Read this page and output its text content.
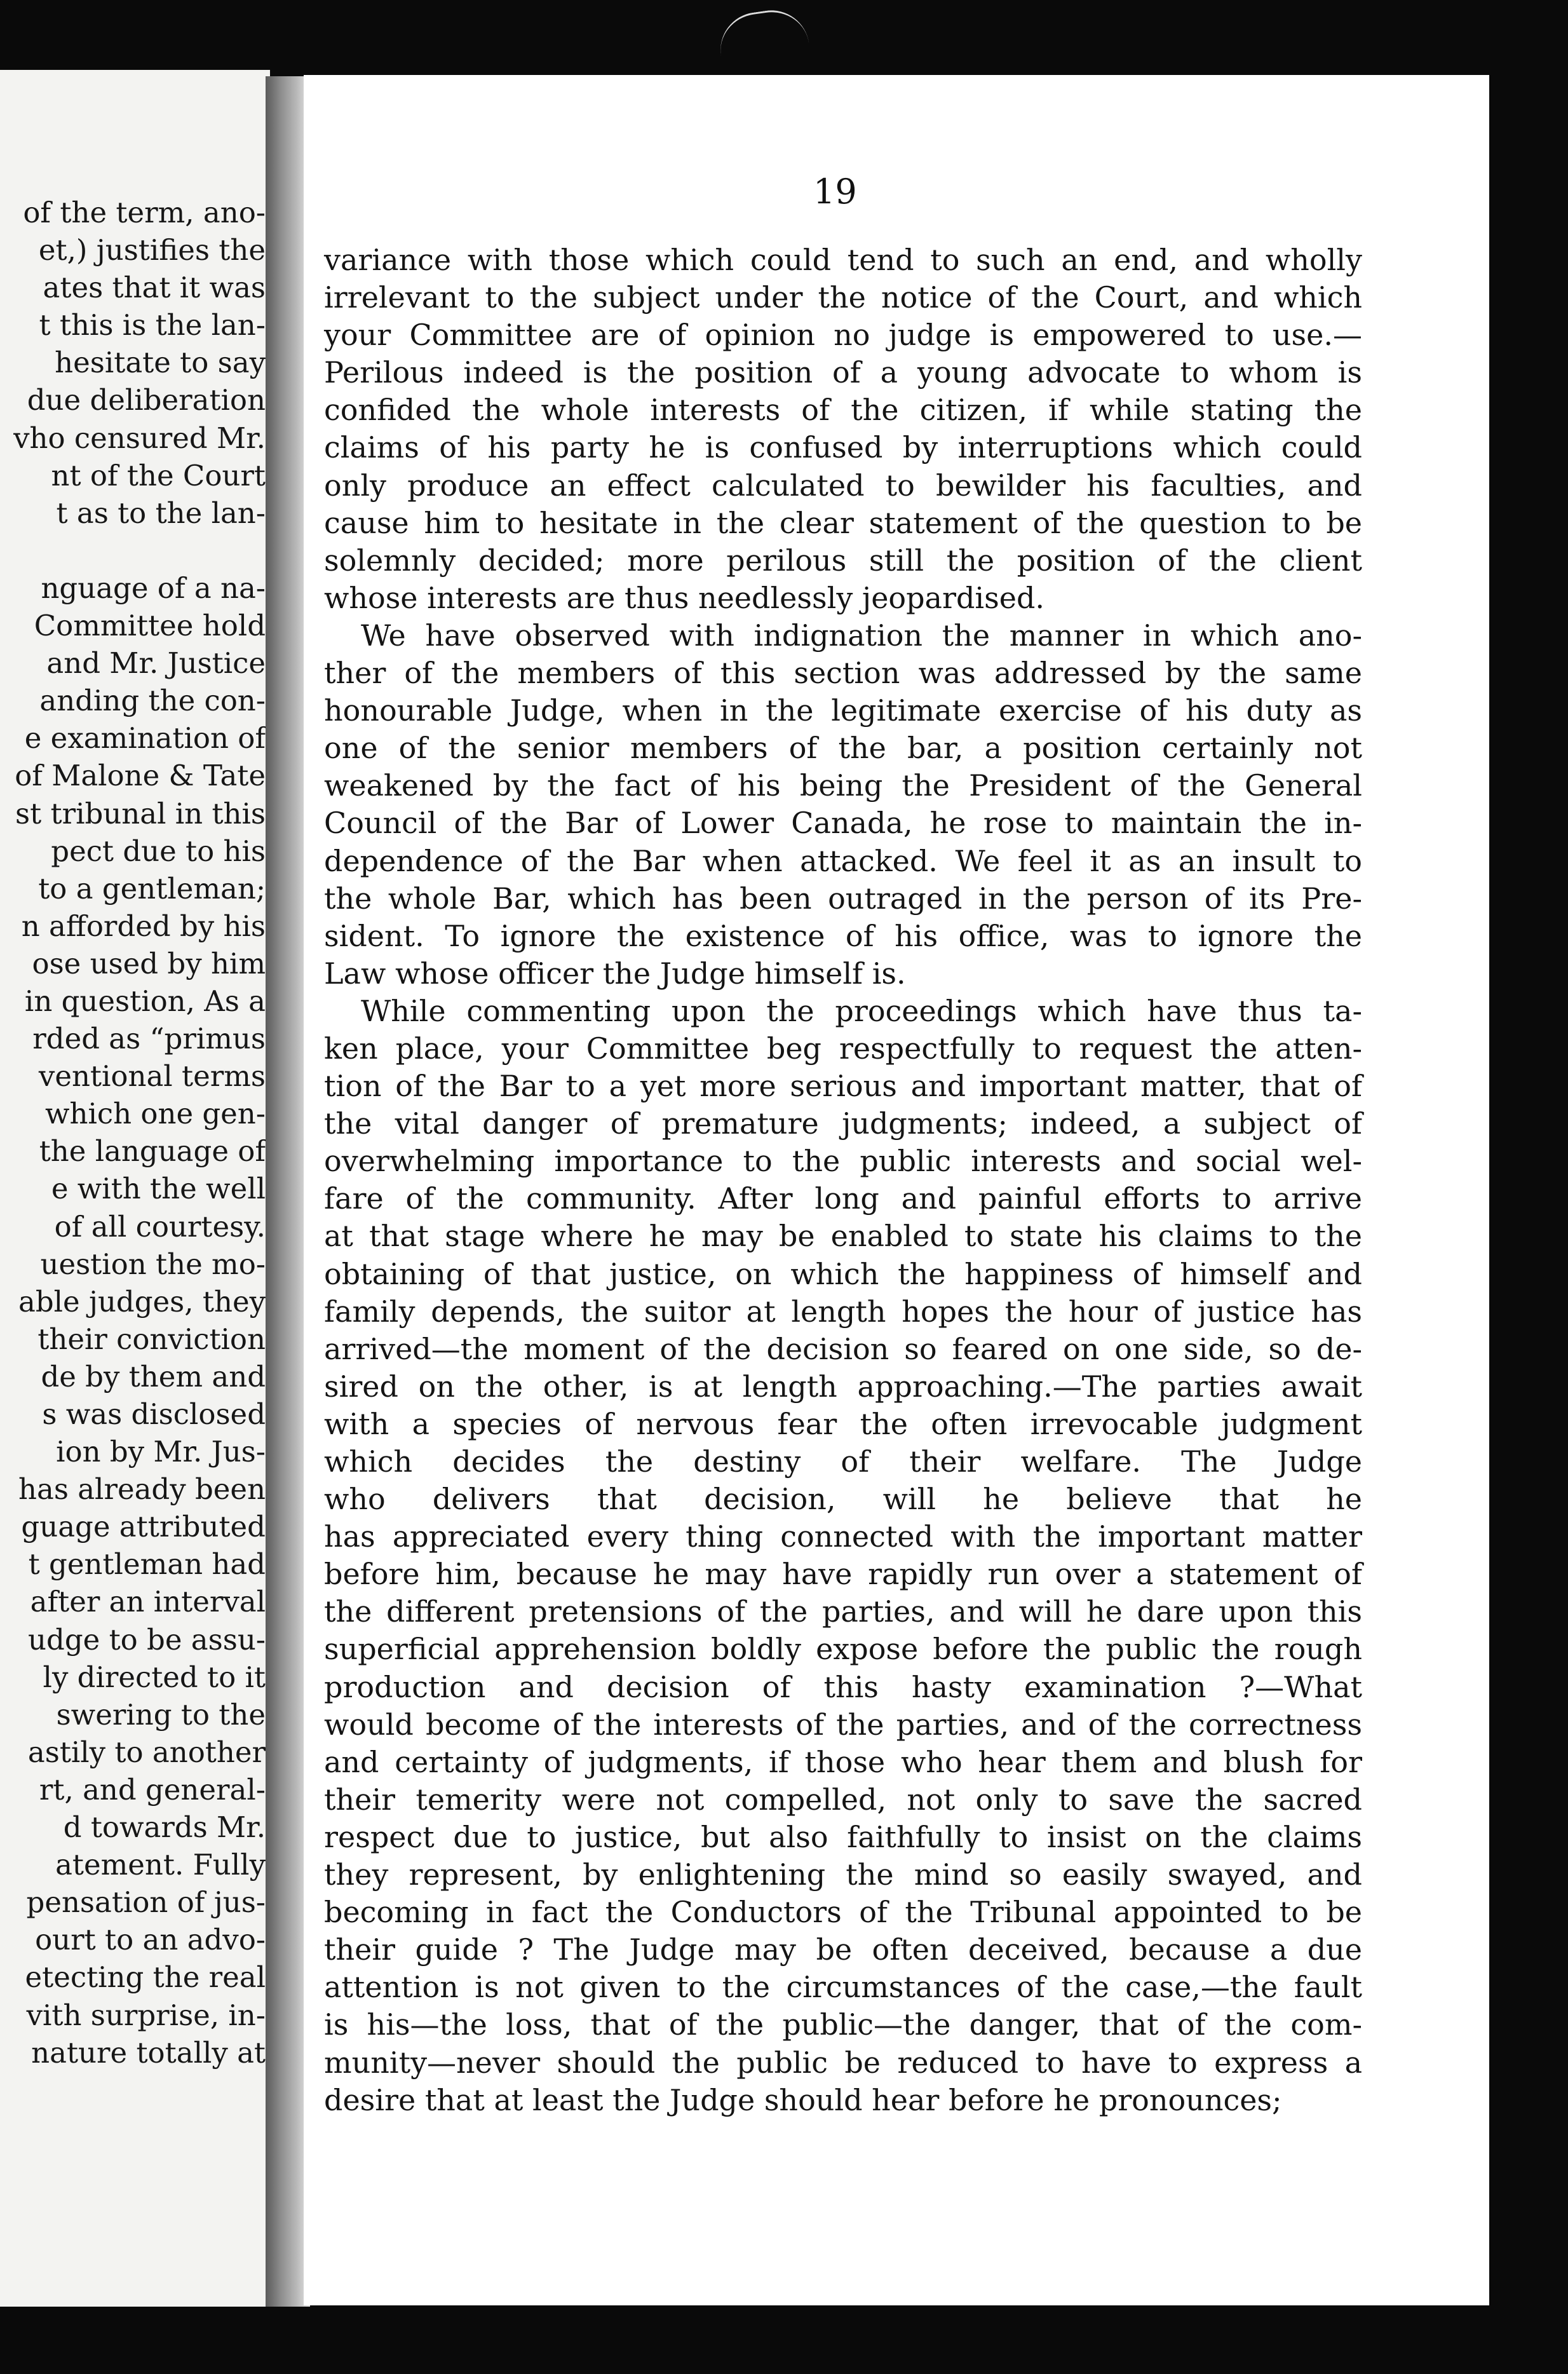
of the term, ano-
et,) justifies the
ates that it was
t this is the lan-
hesitate to say
due deliberation
vho censured Mr.
nt of the Court
t as to the lan-
nguage of a na-
Committee hold
and Mr. Justice
anding the con-
e examination of
of Malone & Tate
st tribunal in this
pect due to his
to a gentleman;
n afforded by his
ose used by him
in question, As a
rded as “primus
ventional terms
which one gen-
the language of
e with the well
of all courtesy.
uestion the mo-
able judges, they
their conviction
de by them and
s was disclosed
ion by Mr. Jus-
has already been
guage attributed
t gentleman had
after an interval
udge to be assu-
ly directed to it
swering to the
astily to another
rt, and general-
d towards Mr.
atement. Fully
pensation of jus-
ourt to an advo-
etecting the real
vith surprise, in-
nature totally at
19
variance with those which could tend to such an end, and wholly
irrelevant to the subject under the notice of the Court, and which
your Committee are of opinion no judge is empowered to use.—
Perilous indeed is the position of a young advocate to whom is
confided the whole interests of the citizen, if while stating the
claims of his party he is confused by interruptions which could
only produce an effect calculated to bewilder his faculties, and
cause him to hesitate in the clear statement of the question to be
solemnly decided; more perilous still the position of the client
whose interests are thus needlessly jeopardised.
We have observed with indignation the manner in which ano-
ther of the members of this section was addressed by the same
honourable Judge, when in the legitimate exercise of his duty as
one of the senior members of the bar, a position certainly not
weakened by the fact of his being the President of the General
Council of the Bar of Lower Canada, he rose to maintain the in-
dependence of the Bar when attacked. We feel it as an insult to
the whole Bar, which has been outraged in the person of its Pre-
sident. To ignore the existence of his office, was to ignore the
Law whose officer the Judge himself is.
While commenting upon the proceedings which have thus ta-
ken place, your Committee beg respectfully to request the atten-
tion of the Bar to a yet more serious and important matter, that of
the vital danger of premature judgments; indeed, a subject of
overwhelming importance to the public interests and social wel-
fare of the community. After long and painful efforts to arrive
at that stage where he may be enabled to state his claims to the
obtaining of that justice, on which the happiness of himself and
family depends, the suitor at length hopes the hour of justice has
arrived—the moment of the decision so feared on one side, so de-
sired on the other, is at length approaching.—The parties await
with a species of nervous fear the often irrevocable judgment
which decides the destiny of their welfare. The Judge
who delivers that decision, will he believe that he
has appreciated every thing connected with the important matter
before him, because he may have rapidly run over a statement of
the different pretensions of the parties, and will he dare upon this
superficial apprehension boldly expose before the public the rough
production and decision of this hasty examination ?—What
would become of the interests of the parties, and of the correctness
and certainty of judgments, if those who hear them and blush for
their temerity were not compelled, not only to save the sacred
respect due to justice, but also faithfully to insist on the claims
they represent, by enlightening the mind so easily swayed, and
becoming in fact the Conductors of the Tribunal appointed to be
their guide ? The Judge may be often deceived, because a due
attention is not given to the circumstances of the case,—the fault
is his—the loss, that of the public—the danger, that of the com-
munity—never should the public be reduced to have to express a
desire that at least the Judge should hear before he pronounces;
